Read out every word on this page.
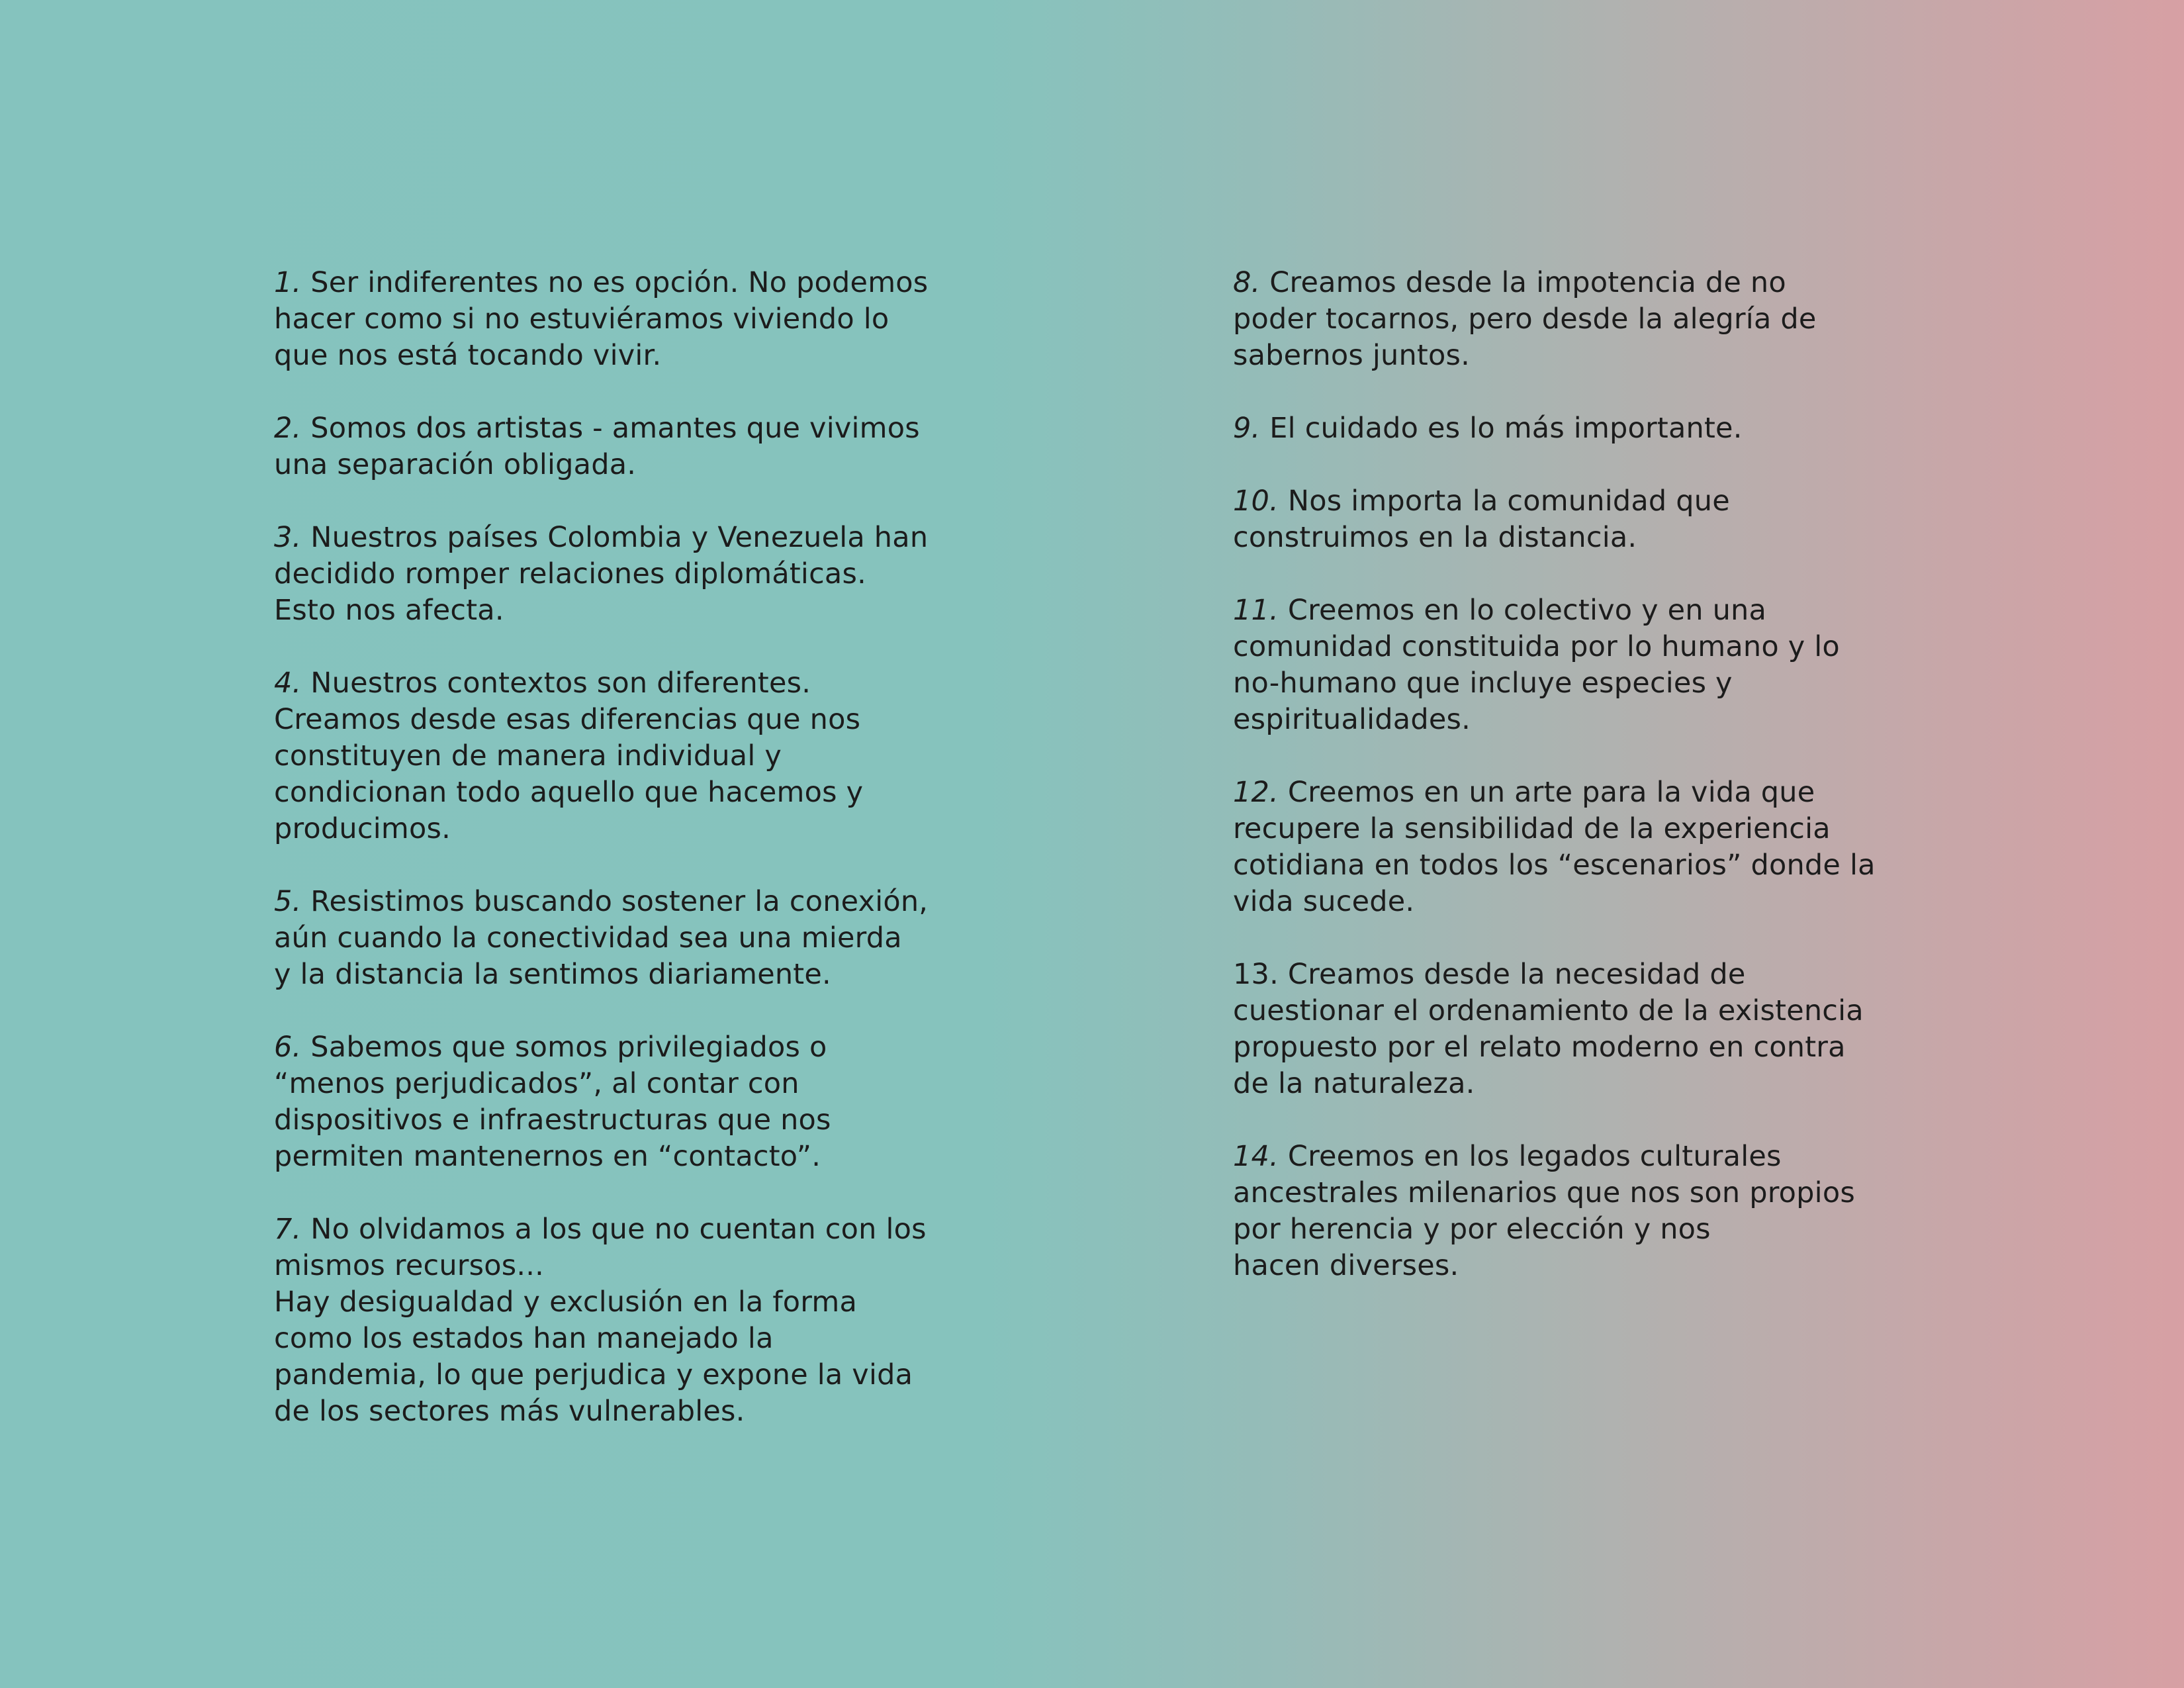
1. Ser indiferentes no es opción. No podemos
hacer como si no estuviéramos viviendo lo
que nos está tocando vivir.

2. Somos dos artistas - amantes que vivimos
una separación obligada.

3. Nuestros países Colombia y Venezuela han
decidido romper relaciones diplomáticas.
Esto nos afecta.

4. Nuestros contextos son diferentes.
Creamos desde esas diferencias que nos
constituyen de manera individual y
condicionan todo aquello que hacemos y
producimos.

5. Resistimos buscando sostener la conexión,
aún cuando la conectividad sea una mierda
y la distancia la sentimos diariamente.

6. Sabemos que somos privilegiados o
“menos perjudicados”, al contar con
dispositivos e infraestructuras que nos
permiten mantenernos en “contacto”.

7. No olvidamos a los que no cuentan con los
mismos recursos...
Hay desigualdad y exclusión en la forma
como los estados han manejado la
pandemia, lo que perjudica y expone la vida
de los sectores más vulnerables.

8. Creamos desde la impotencia de no
poder tocarnos, pero desde la alegría de
sabernos juntos.

9. El cuidado es lo más importante.

10. Nos importa la comunidad que
construimos en la distancia.

11. Creemos en lo colectivo y en una
comunidad constituida por lo humano y lo
no-humano que incluye especies y
espiritualidades.

12. Creemos en un arte para la vida que
recupere la sensibilidad de la experiencia
cotidiana en todos los “escenarios” donde la
vida sucede.

13. Creamos desde la necesidad de
cuestionar el ordenamiento de la existencia
propuesto por el relato moderno en contra
de la naturaleza.

14. Creemos en los legados culturales
ancestrales milenarios que nos son propios
por herencia y por elección y nos
hacen diverses.
